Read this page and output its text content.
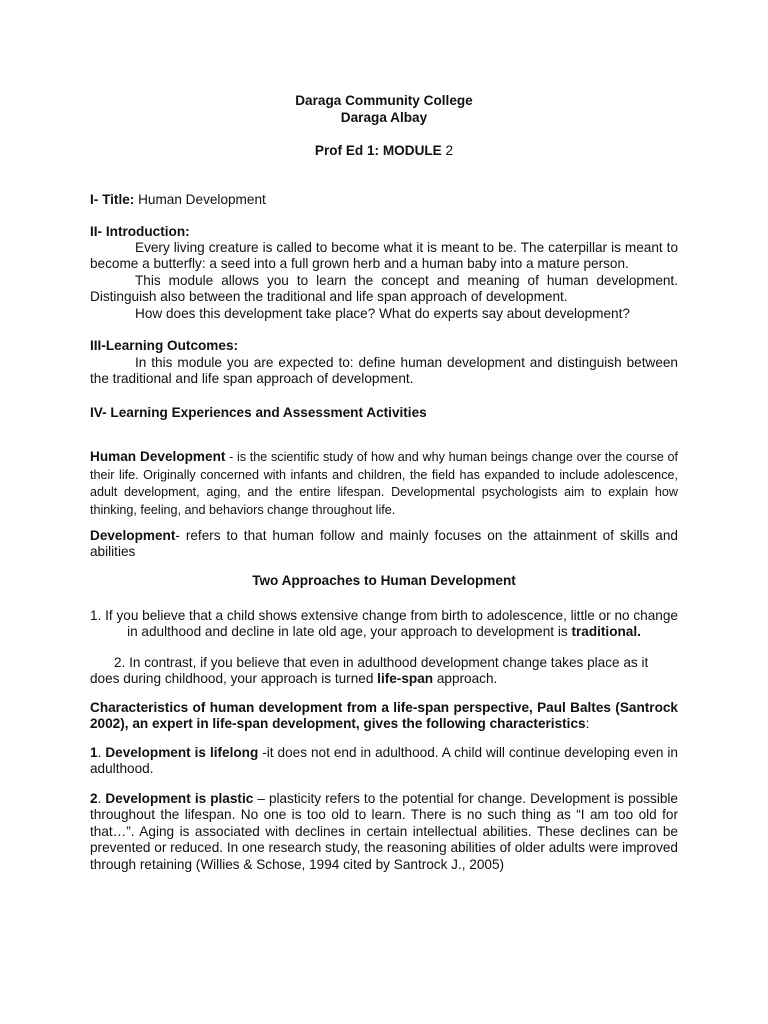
Daraga Community College
Daraga Albay
Prof Ed 1: MODULE 2
I- Title: Human Development
II- Introduction:

Every living creature is called to become what it is meant to be. The caterpillar is meant to become a butterfly: a seed into a full grown herb and a human baby into a mature person.

This module allows you to learn the concept and meaning of human development. Distinguish also between the traditional and life span approach of development.

How does this development take place? What do experts say about development?

III-Learning Outcomes:

In this module you are expected to: define human development and distinguish between the traditional and life span approach of development.

IV- Learning Experiences and Assessment Activities
Human Development - is the scientific study of how and why human beings change over the course of their life. Originally concerned with infants and children, the field has expanded to include adolescence, adult development, aging, and the entire lifespan. Developmental psychologists aim to explain how thinking, feeling, and behaviors change throughout life.
Development- refers to that human follow and mainly focuses on the attainment of skills and abilities
Two Approaches to Human Development
1. If you believe that a child shows extensive change from birth to adolescence, little or no change in adulthood and decline in late old age, your approach to development is traditional.

2. In contrast, if you believe that even in adulthood development change takes place as it does during childhood, your approach is turned life-span approach.

Characteristics of human development from a life-span perspective, Paul Baltes (Santrock 2002), an expert in life-span development, gives the following characteristics:
1. Development is lifelong -it does not end in adulthood. A child will continue developing even in adulthood.
2. Development is plastic – plasticity refers to the potential for change. Development is possible throughout the lifespan. No one is too old to learn. There is no such thing as “I am too old for that…”. Aging is associated with declines in certain intellectual abilities. These declines can be prevented or reduced. In one research study, the reasoning abilities of older adults were improved through retaining (Willies & Schose, 1994 cited by Santrock J., 2005)
